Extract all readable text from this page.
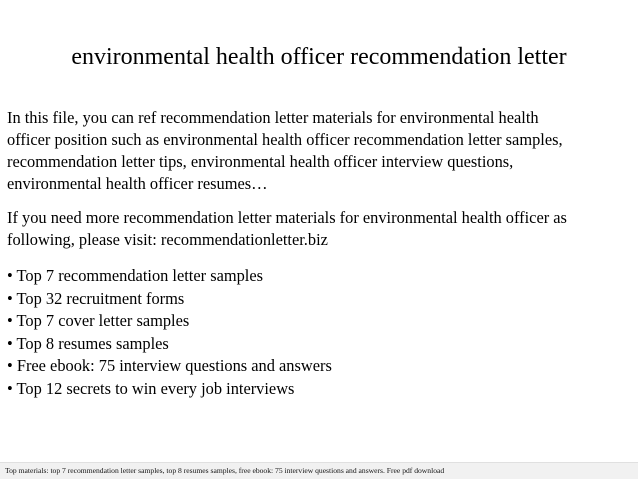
environmental health officer recommendation letter

In this file, you can ref recommendation letter materials for environmental health
officer position such as environmental health officer recommendation letter samples,
recommendation letter tips, environmental health officer interview questions,
environmental health officer resumes…

If you need more recommendation letter materials for environmental health officer as
following, please visit: recommendationletter.biz

• Top 7 recommendation letter samples
• Top 32 recruitment forms
• Top 7 cover letter samples
• Top 8 resumes samples
• Free ebook: 75 interview questions and answers
• Top 12 secrets to win every job interviews
Top materials: top 7 recommendation letter samples, top 8 resumes samples, free ebook: 75 interview questions and answers. Free pdf download
